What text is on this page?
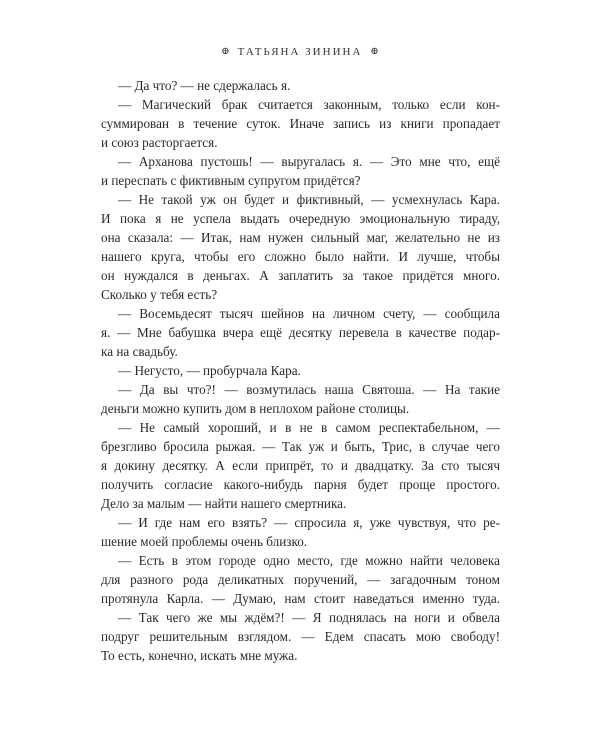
⊕ ТАТЬЯНА ЗИНИНА ⊕
— Да что? — не сдержалась я.
— Магический брак считается законным, только если кон-
суммирован в течение суток. Иначе запись из книги пропадает
и союз расторгается.
— Арханова пустошь! — выругалась я. — Это мне что, ещё
и переспать с фиктивным супругом придётся?
— Не такой уж он будет и фиктивный, — усмехнулась Кара.
И пока я не успела выдать очередную эмоциональную тираду,
она сказала: — Итак, нам нужен сильный маг, желательно не из
нашего круга, чтобы его сложно было найти. И лучше, чтобы
он нуждался в деньгах. А заплатить за такое придётся много.
Сколько у тебя есть?
— Восемьдесят тысяч шейнов на личном счету, — сообщила
я. — Мне бабушка вчера ещё десятку перевела в качестве подар-
ка на свадьбу.
— Негусто, — пробурчала Кара.
— Да вы что?! — возмутилась наша Святоша. — На такие
деньги можно купить дом в неплохом районе столицы.
— Не самый хороший, и в не в самом респектабельном, —
брезгливо бросила рыжая. — Так уж и быть, Трис, в случае чего
я докину десятку. А если припрёт, то и двадцатку. За сто тысяч
получить согласие какого-нибудь парня будет проще простого.
Дело за малым — найти нашего смертника.
— И где нам его взять? — спросила я, уже чувствуя, что ре-
шение моей проблемы очень близко.
— Есть в этом городе одно место, где можно найти человека
для разного рода деликатных поручений, — загадочным тоном
протянула Карла. — Думаю, нам стоит наведаться именно туда.
— Так чего же мы ждём?! — Я поднялась на ноги и обвела
подруг решительным взглядом. — Едем спасать мою свободу!
То есть, конечно, искать мне мужа.
